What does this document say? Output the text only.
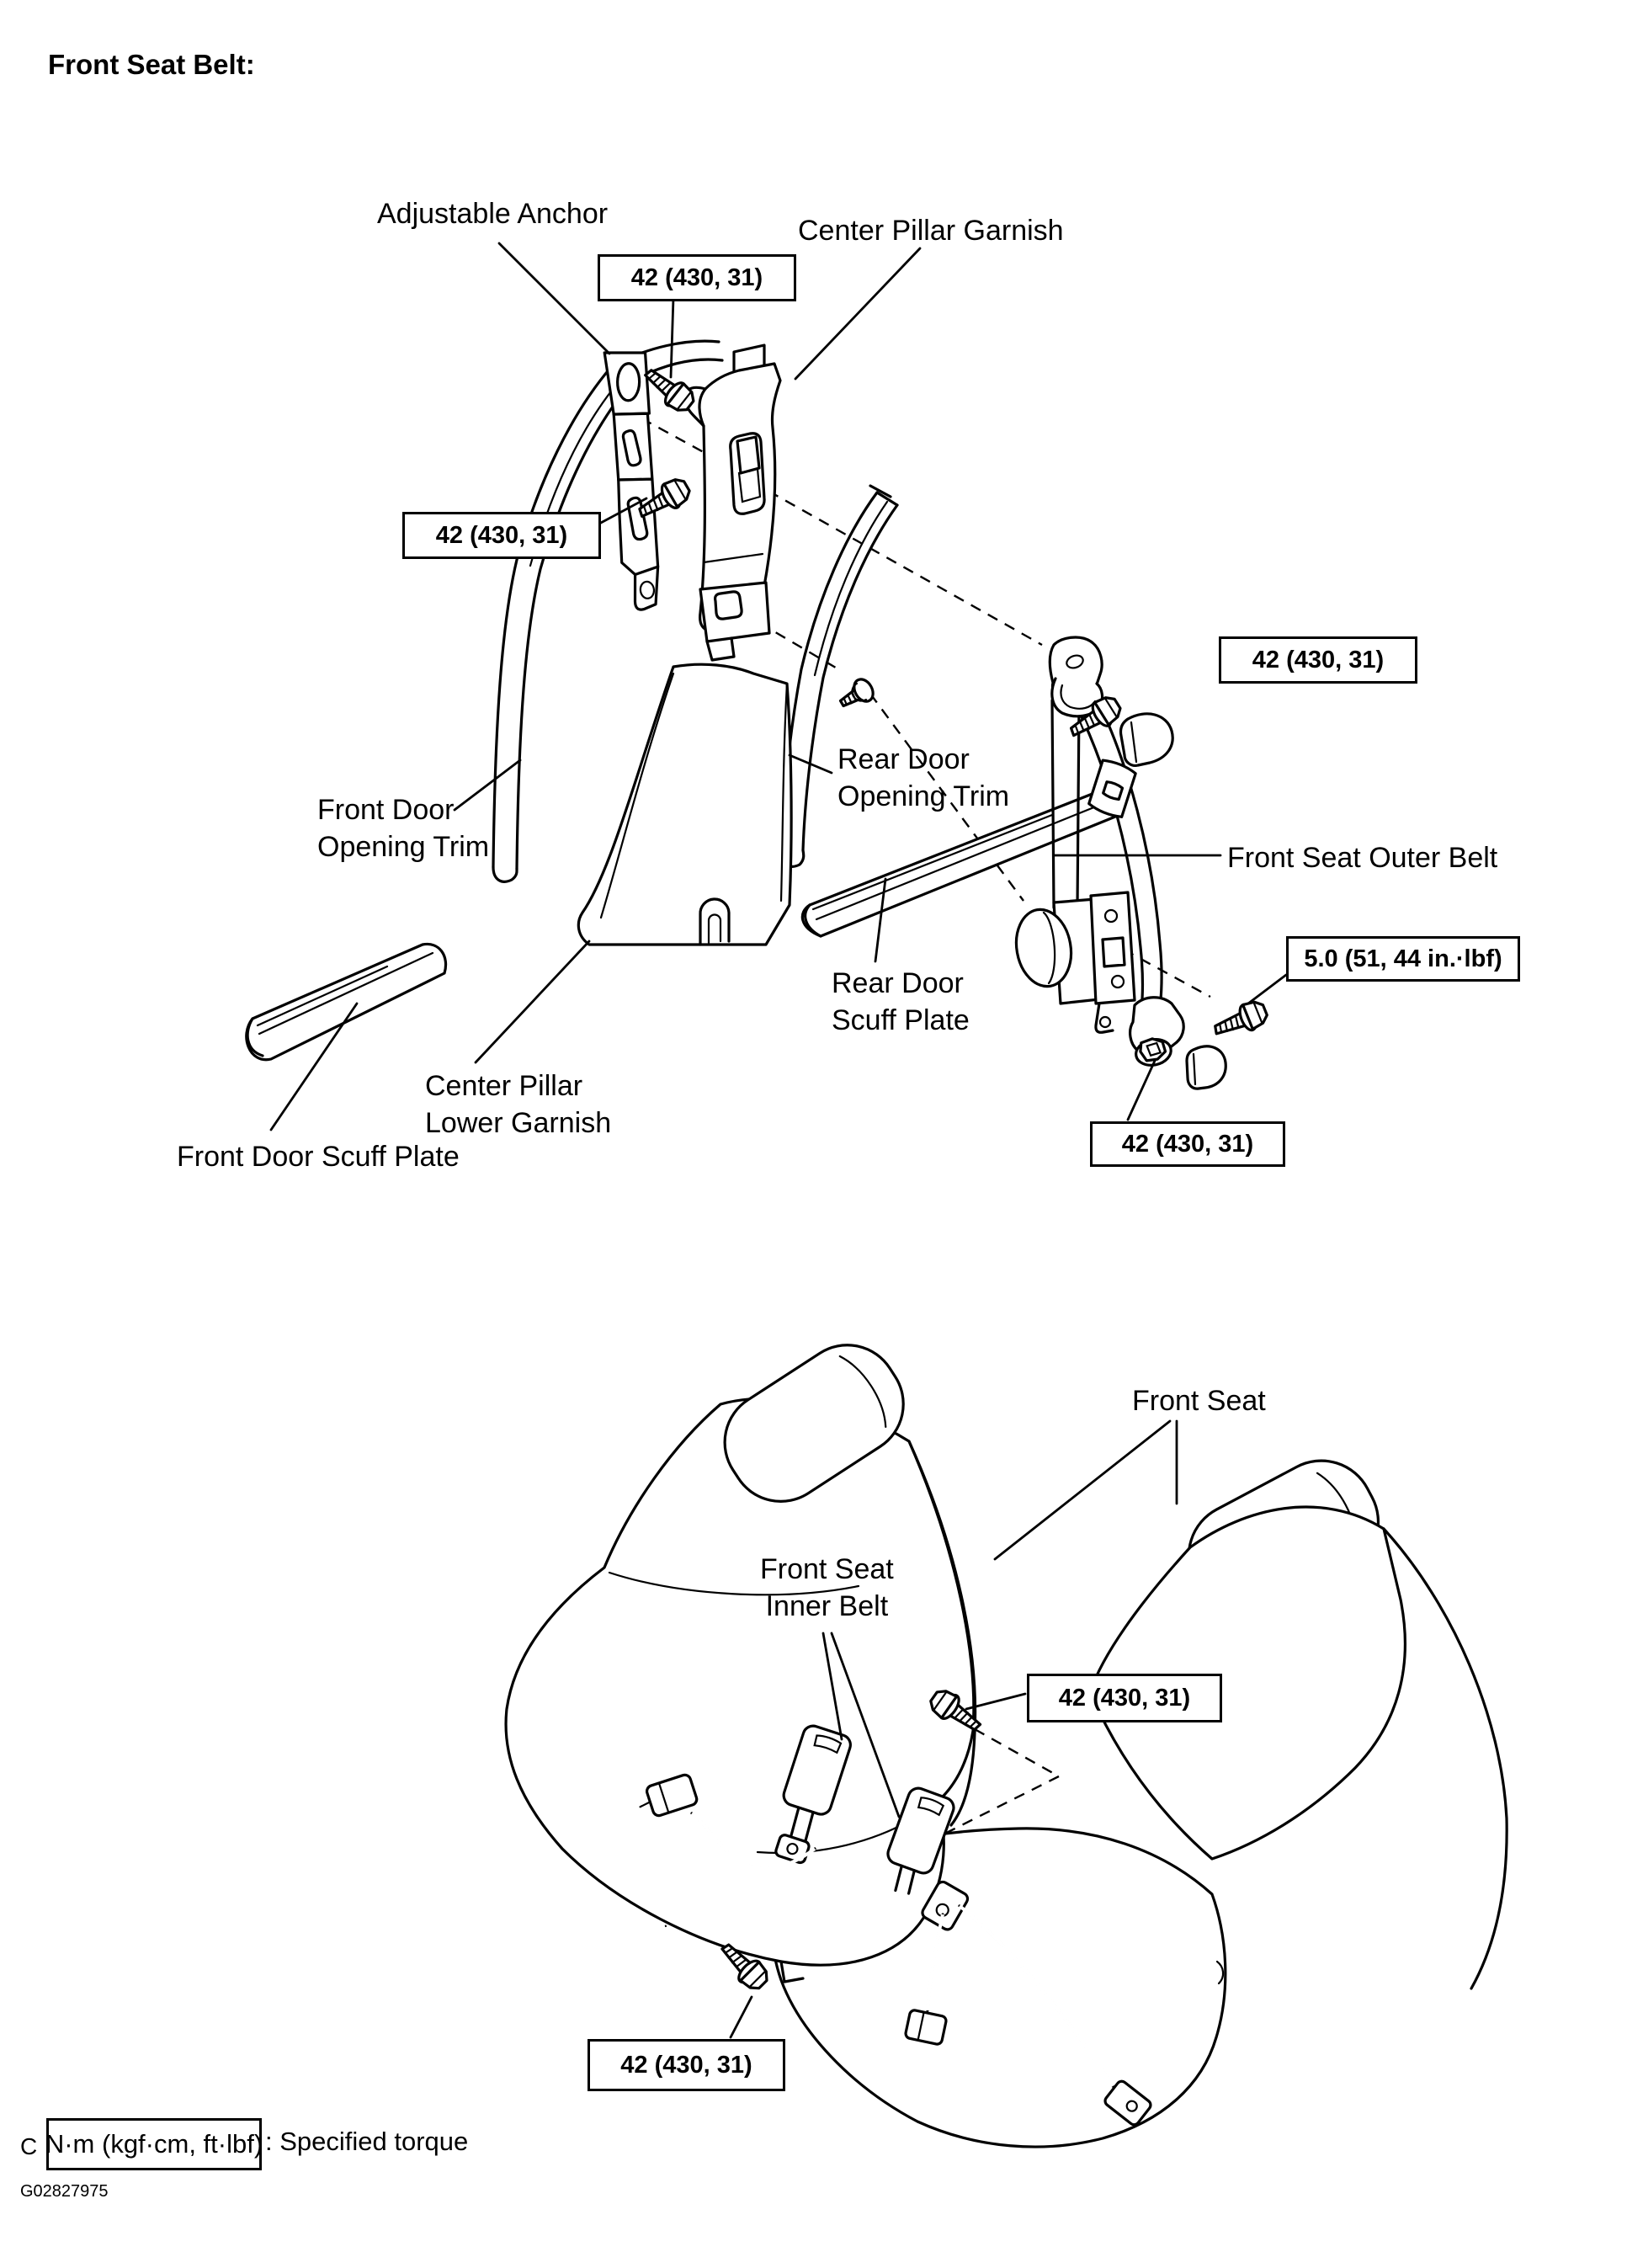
Front Seat Belt:
Adjustable Anchor
Center Pillar Garnish
Front Door
Opening Trim
Rear Door
Opening Trim
Front Seat Outer Belt
Rear Door
Scuff Plate
Center Pillar
Lower Garnish
Front Door Scuff Plate
Front Seat
Front Seat
Inner Belt
42 (430, 31)
42 (430, 31)
42 (430, 31)
5.0 (51, 44 in.·lbf)
42 (430, 31)
42 (430, 31)
42 (430, 31)
C N·m (kgf·cm, ft·lbf) : Specified torque
G02827975
